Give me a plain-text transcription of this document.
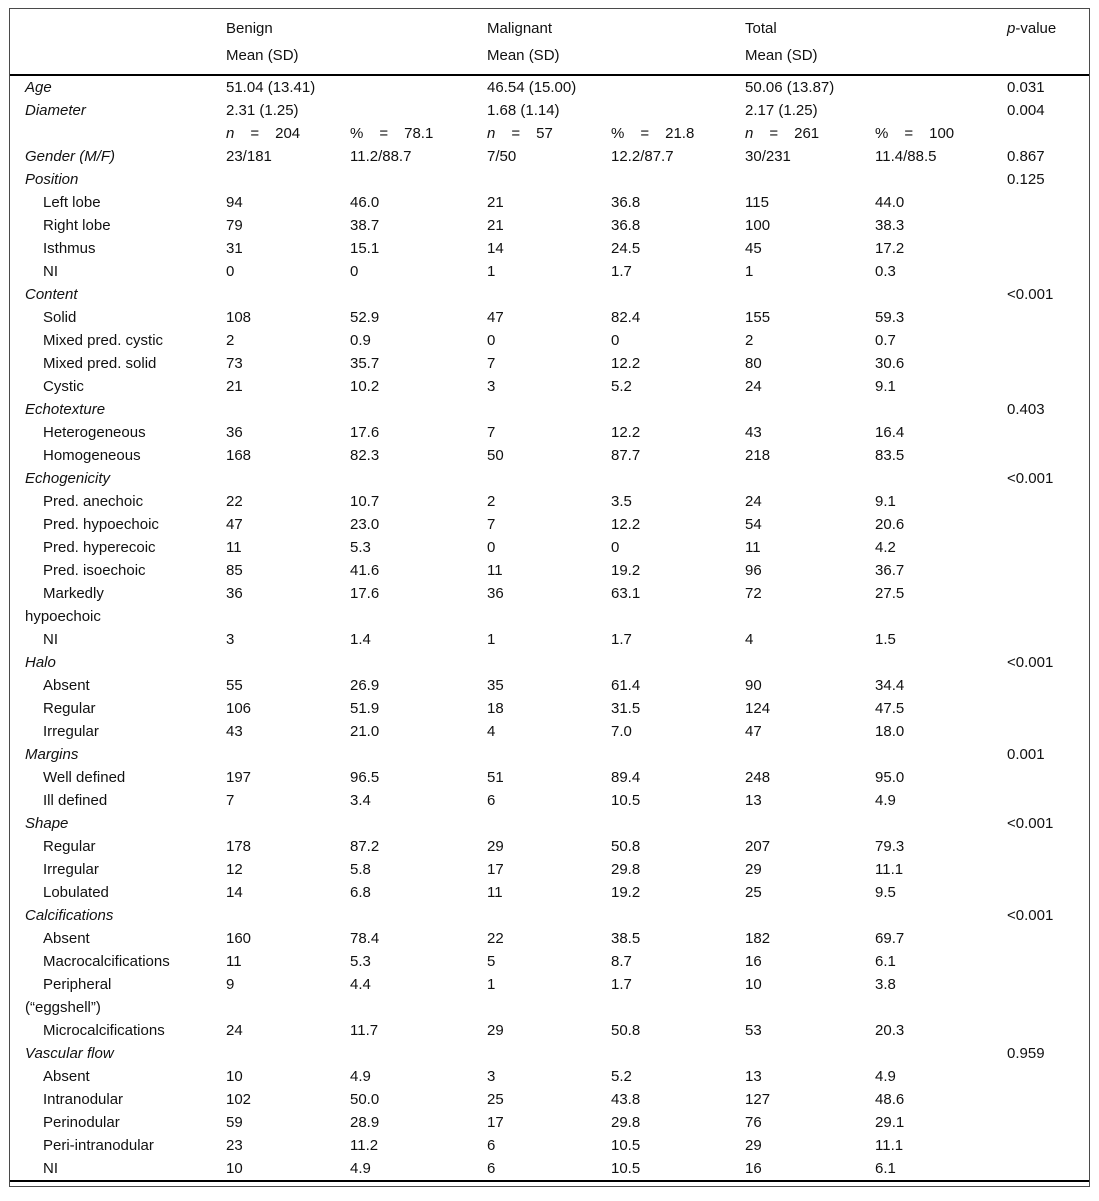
	Benign		Malignant		Total		p-value
	Mean (SD)		Mean (SD)		Mean (SD)		
Age	51.04 (13.41)		46.54 (15.00)		50.06 (13.87)		0.031
Diameter	2.31 (1.25)		1.68 (1.14)		2.17 (1.25)		0.004
	n = 204	% = 78.1	n = 57	% = 21.8	n = 261	% = 100	
Gender (M/F)	23/181	11.2/88.7	7/50	12.2/87.7	30/231	11.4/88.5	0.867
Position							0.125
Left lobe	94	46.0	21	36.8	115	44.0	
Right lobe	79	38.7	21	36.8	100	38.3	
Isthmus	31	15.1	14	24.5	45	17.2	
NI	0	0	1	1.7	1	0.3	
Content							<0.001
Solid	108	52.9	47	82.4	155	59.3	
Mixed pred. cystic	2	0.9	0	0	2	0.7	
Mixed pred. solid	73	35.7	7	12.2	80	30.6	
Cystic	21	10.2	3	5.2	24	9.1	
Echotexture							0.403
Heterogeneous	36	17.6	7	12.2	43	16.4	
Homogeneous	168	82.3	50	87.7	218	83.5	
Echogenicity							<0.001
Pred. anechoic	22	10.7	2	3.5	24	9.1	
Pred. hypoechoic	47	23.0	7	12.2	54	20.6	
Pred. hyperecoic	11	5.3	0	0	11	4.2	
Pred. isoechoic	85	41.6	11	19.2	96	36.7	
Markedly
hypoechoic	36	17.6	36	63.1	72	27.5	
NI	3	1.4	1	1.7	4	1.5	
Halo							<0.001
Absent	55	26.9	35	61.4	90	34.4	
Regular	106	51.9	18	31.5	124	47.5	
Irregular	43	21.0	4	7.0	47	18.0	
Margins							0.001
Well defined	197	96.5	51	89.4	248	95.0	
Ill defined	7	3.4	6	10.5	13	4.9	
Shape							<0.001
Regular	178	87.2	29	50.8	207	79.3	
Irregular	12	5.8	17	29.8	29	11.1	
Lobulated	14	6.8	11	19.2	25	9.5	
Calcifications							<0.001
Absent	160	78.4	22	38.5	182	69.7	
Macrocalcifications	11	5.3	5	8.7	16	6.1	
Peripheral
(“eggshell”)	9	4.4	1	1.7	10	3.8	
Microcalcifications	24	11.7	29	50.8	53	20.3	
Vascular flow							0.959
Absent	10	4.9	3	5.2	13	4.9	
Intranodular	102	50.0	25	43.8	127	48.6	
Perinodular	59	28.9	17	29.8	76	29.1	
Peri-intranodular	23	11.2	6	10.5	29	11.1	
NI	10	4.9	6	10.5	16	6.1	
